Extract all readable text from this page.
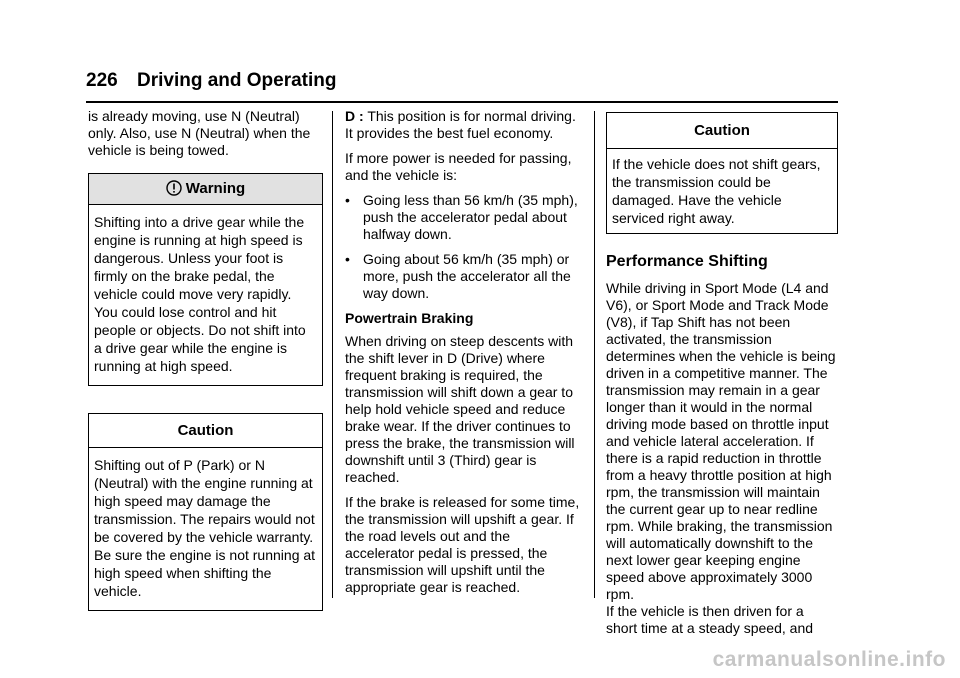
226 Driving and Operating

is already moving, use N (Neutral) only. Also, use N (Neutral) when the vehicle is being towed.

Warning
Shifting into a drive gear while the engine is running at high speed is dangerous. Unless your foot is firmly on the brake pedal, the vehicle could move very rapidly. You could lose control and hit people or objects. Do not shift into a drive gear while the engine is running at high speed.
Caution
Shifting out of P (Park) or N (Neutral) with the engine running at high speed may damage the transmission. The repairs would not be covered by the vehicle warranty. Be sure the engine is not running at high speed when shifting the vehicle.

D : This position is for normal driving. It provides the best fuel economy.

If more power is needed for passing, and the vehicle is:

• Going less than 56 km/h (35 mph), push the accelerator pedal about halfway down.
• Going about 56 km/h (35 mph) or more, push the accelerator all the way down.
Powertrain Braking

When driving on steep descents with the shift lever in D (Drive) where frequent braking is required, the transmission will shift down a gear to help hold vehicle speed and reduce brake wear. If the driver continues to press the brake, the transmission will downshift until 3 (Third) gear is reached.

If the brake is released for some time, the transmission will upshift a gear. If the road levels out and the accelerator pedal is pressed, the transmission will upshift until the appropriate gear is reached.

Caution
If the vehicle does not shift gears, the transmission could be damaged. Have the vehicle serviced right away.
Performance Shifting

While driving in Sport Mode (L4 and V6), or Sport Mode and Track Mode (V8), if Tap Shift has not been activated, the transmission determines when the vehicle is being driven in a competitive manner. The transmission may remain in a gear longer than it would in the normal driving mode based on throttle input and vehicle lateral acceleration. If there is a rapid reduction in throttle from a heavy throttle position at high rpm, the transmission will maintain the current gear up to near redline rpm. While braking, the transmission will automatically downshift to the next lower gear keeping engine speed above approximately 3000 rpm.

If the vehicle is then driven for a short time at a steady speed, and

carmanualsonline.info
